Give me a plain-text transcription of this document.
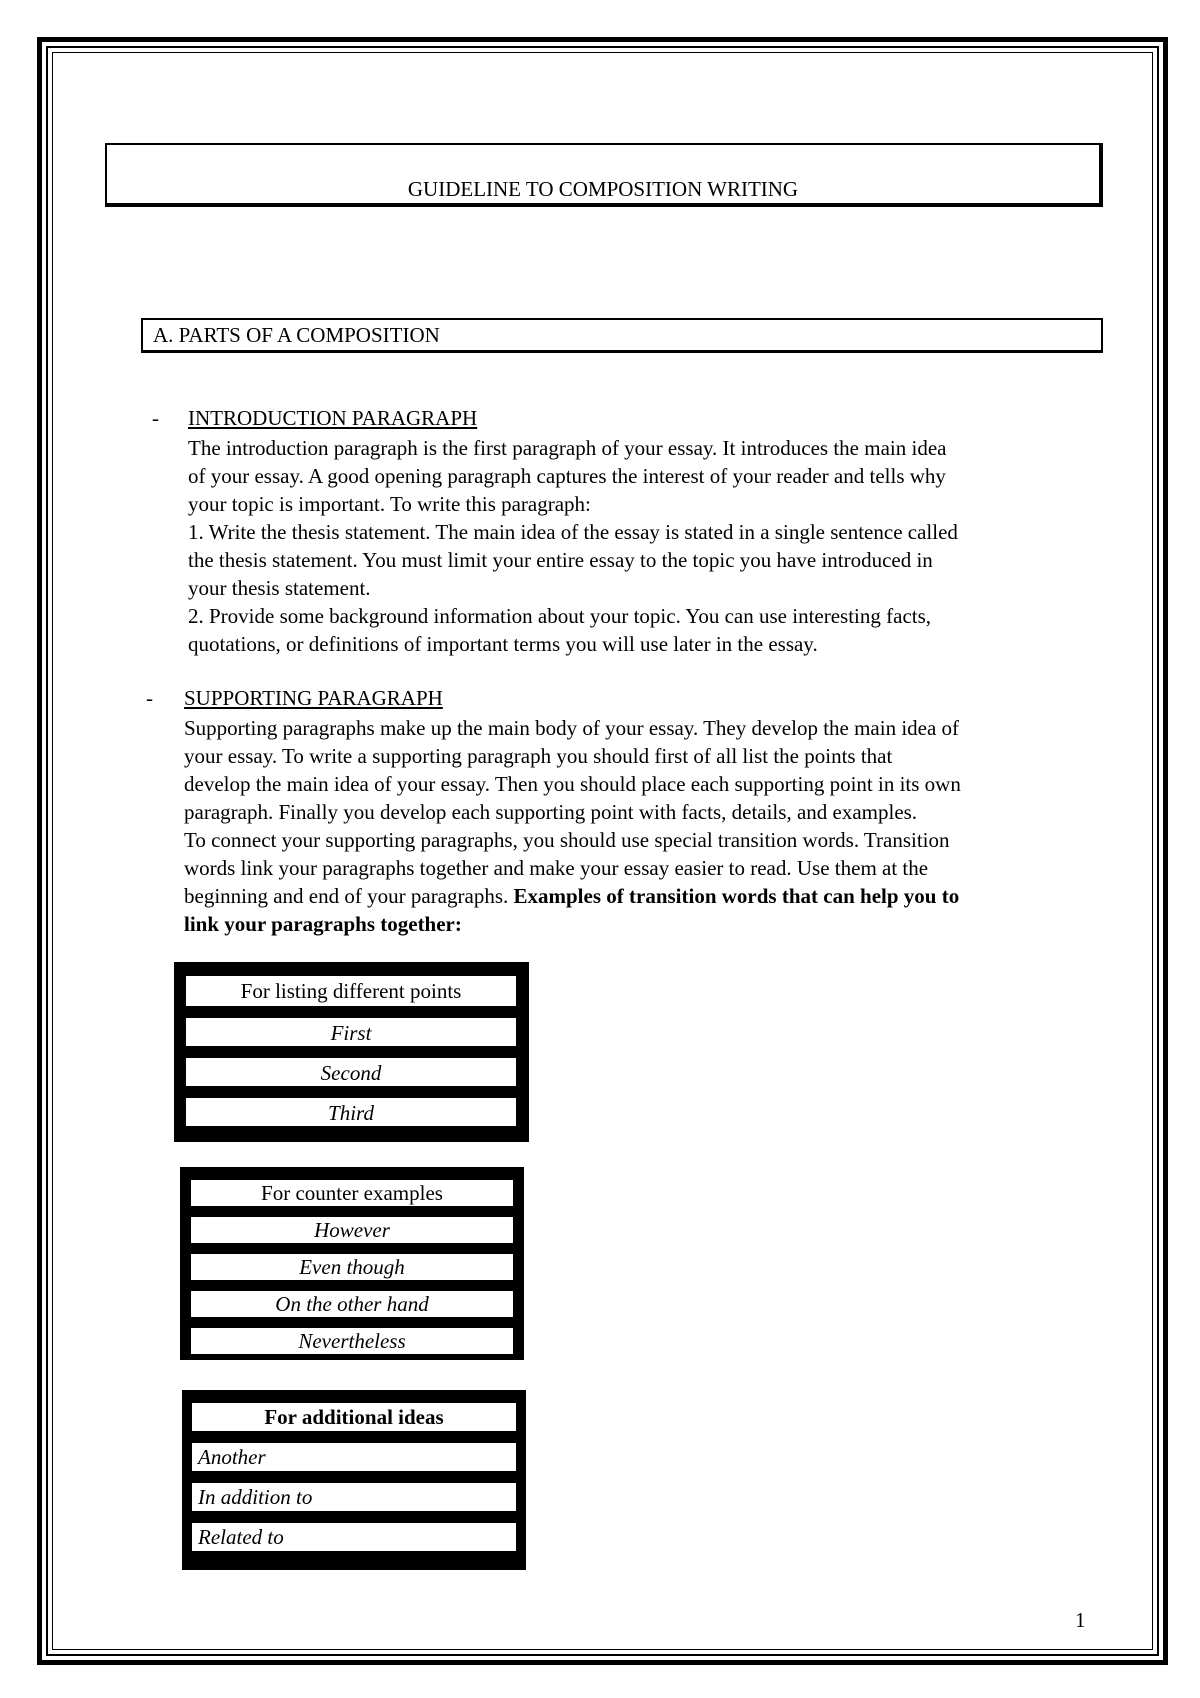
GUIDELINE TO COMPOSITION WRITING
A. PARTS OF A COMPOSITION
- INTRODUCTION PARAGRAPH
The introduction paragraph is the first paragraph of your essay. It introduces the main idea
of your essay. A good opening paragraph captures the interest of your reader and tells why
your topic is important. To write this paragraph:
1. Write the thesis statement. The main idea of the essay is stated in a single sentence called
the thesis statement. You must limit your entire essay to the topic you have introduced in
your thesis statement.
2. Provide some background information about your topic. You can use interesting facts,
quotations, or definitions of important terms you will use later in the essay.
- SUPPORTING PARAGRAPH
Supporting paragraphs make up the main body of your essay. They develop the main idea of
your essay. To write a supporting paragraph you should first of all list the points that
develop the main idea of your essay. Then you should place each supporting point in its own
paragraph. Finally you develop each supporting point with facts, details, and examples.
To connect your supporting paragraphs, you should use special transition words. Transition
words link your paragraphs together and make your essay easier to read. Use them at the
beginning and end of your paragraphs. Examples of transition words that can help you to
link your paragraphs together:
For listing different points
First
Second
Third
For counter examples
However
Even though
On the other hand
Nevertheless
For additional ideas
Another
In addition to
Related to
1
